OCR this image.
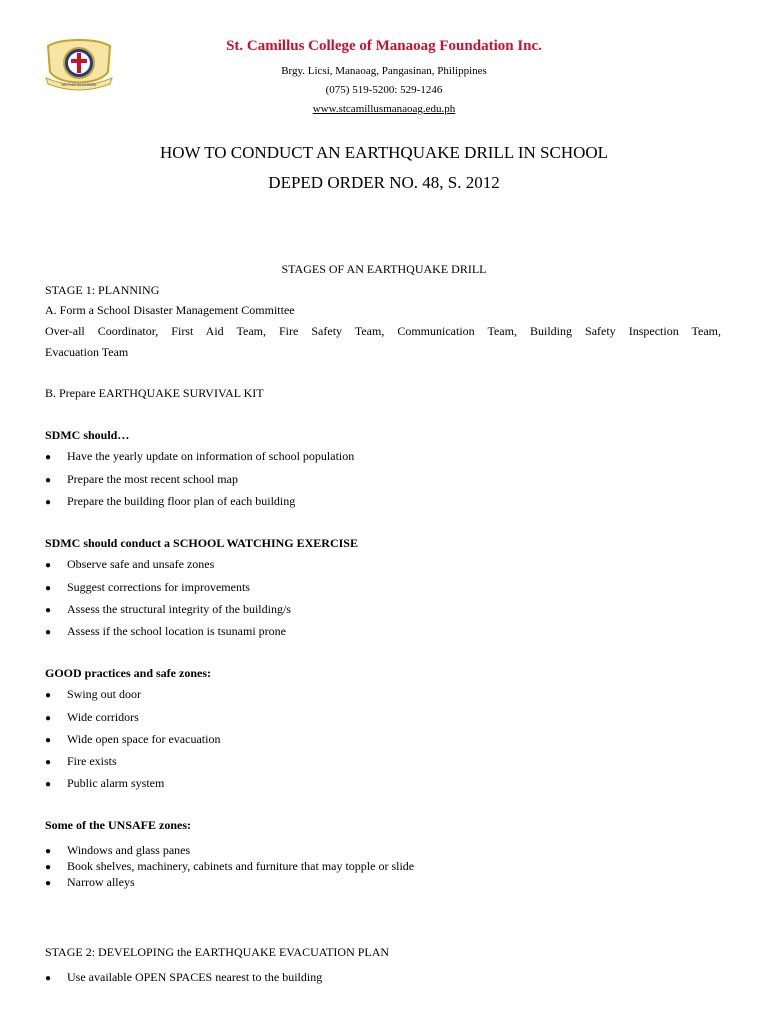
MOTUS IN DOMINI
St. Camillus College of Manaoag Foundation Inc.
Brgy. Licsi, Manaoag, Pangasinan, Philippines
(075) 519-5200: 529-1246
www.stcamillusmanaoag.edu.ph
HOW TO CONDUCT AN EARTHQUAKE DRILL IN SCHOOL
DEPED ORDER NO. 48, S. 2012
STAGES OF AN EARTHQUAKE DRILL
STAGE 1: PLANNING
A. Form a School Disaster Management Committee
Over-all Coordinator, First Aid Team, Fire Safety Team, Communication Team, Building Safety Inspection Team,
Evacuation Team
B. Prepare EARTHQUAKE SURVIVAL KIT
SDMC should…
● Have the yearly update on information of school population
● Prepare the most recent school map
● Prepare the building floor plan of each building
SDMC should conduct a SCHOOL WATCHING EXERCISE
● Observe safe and unsafe zones
● Suggest corrections for improvements
● Assess the structural integrity of the building/s
● Assess if the school location is tsunami prone
GOOD practices and safe zones:
● Swing out door
● Wide corridors
● Wide open space for evacuation
● Fire exists
● Public alarm system
Some of the UNSAFE zones:
● Windows and glass panes
● Book shelves, machinery, cabinets and furniture that may topple or slide
● Narrow alleys
STAGE 2: DEVELOPING the EARTHQUAKE EVACUATION PLAN
● Use available OPEN SPACES nearest to the building
